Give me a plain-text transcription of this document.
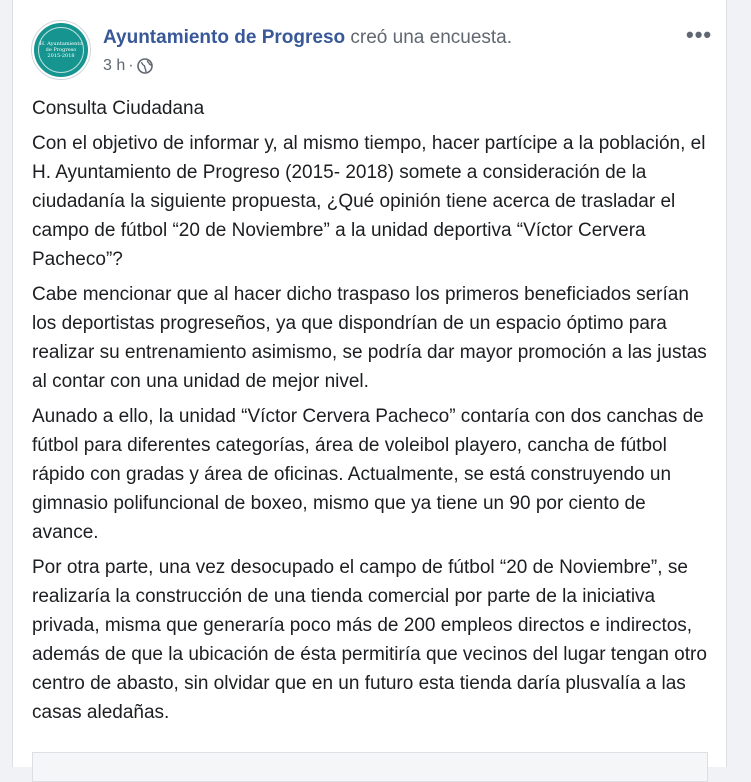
H. Ayuntamiento
de Progreso
2015-2018
Ayuntamiento de Progreso creó una encuesta.
3 h ·
•••

Consulta Ciudadana

Con el objetivo de informar y, al mismo tiempo, hacer partícipe a la población, el H. Ayuntamiento de Progreso (2015- 2018) somete a consideración de la ciudadanía la siguiente propuesta, ¿Qué opinión tiene acerca de trasladar el campo de fútbol “20 de Noviembre” a la unidad deportiva “Víctor Cervera Pacheco”?

Cabe mencionar que al hacer dicho traspaso los primeros beneficiados serían los deportistas progreseños, ya que dispondrían de un espacio óptimo para realizar su entrenamiento asimismo, se podría dar mayor promoción a las justas al contar con una unidad de mejor nivel.

Aunado a ello, la unidad “Víctor Cervera Pacheco” contaría con dos canchas de fútbol para diferentes categorías, área de voleibol playero, cancha de fútbol rápido con gradas y área de oficinas. Actualmente, se está construyendo un gimnasio polifuncional de boxeo, mismo que ya tiene un 90 por ciento de avance.

Por otra parte, una vez desocupado el campo de fútbol “20 de Noviembre”, se realizaría la construcción de una tienda comercial por parte de la iniciativa privada, misma que generaría poco más de 200 empleos directos e indirectos, además de que la ubicación de ésta permitiría que vecinos del lugar tengan otro centro de abasto, sin olvidar que en un futuro esta tienda daría plusvalía a las casas aledañas.
